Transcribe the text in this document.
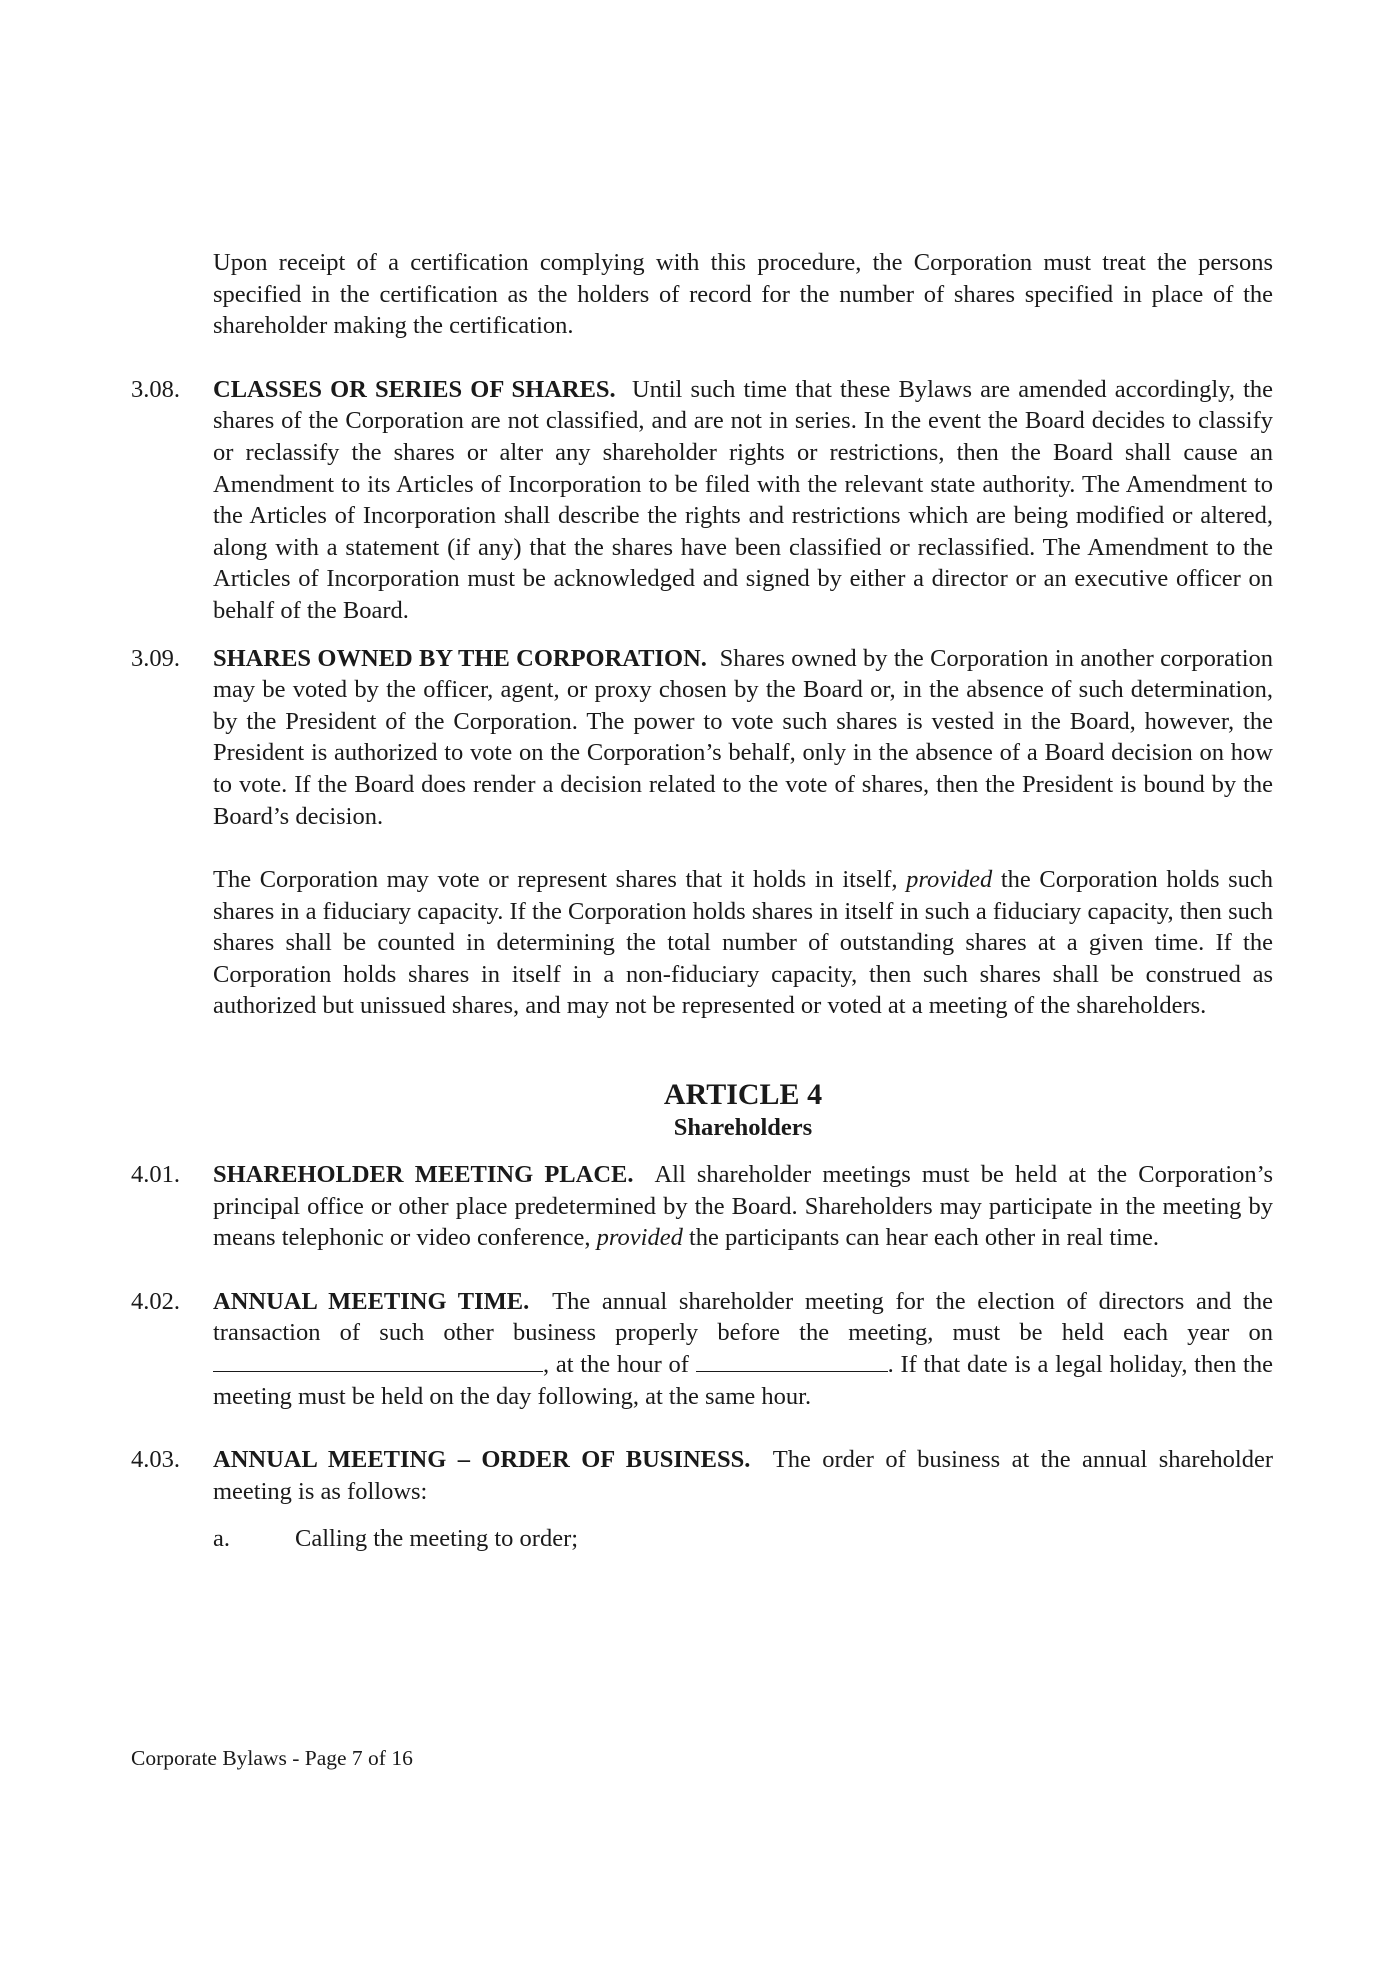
Upon receipt of a certification complying with this procedure, the Corporation must treat the persons specified in the certification as the holders of record for the number of shares specified in place of the shareholder making the certification.

3.08.	CLASSES OR SERIES OF SHARES. Until such time that these Bylaws are amended accordingly, the shares of the Corporation are not classified, and are not in series. In the event the Board decides to classify or reclassify the shares or alter any shareholder rights or restrictions, then the Board shall cause an Amendment to its Articles of Incorporation to be filed with the relevant state authority. The Amendment to the Articles of Incorporation shall describe the rights and restrictions which are being modified or altered, along with a statement (if any) that the shares have been classified or reclassified. The Amendment to the Articles of Incorporation must be acknowledged and signed by either a director or an executive officer on behalf of the Board.
3.09.	SHARES OWNED BY THE CORPORATION. Shares owned by the Corporation in another corporation may be voted by the officer, agent, or proxy chosen by the Board or, in the absence of such determination, by the President of the Corporation. The power to vote such shares is vested in the Board, however, the President is authorized to vote on the Corporation’s behalf, only in the absence of a Board decision on how to vote. If the Board does render a decision related to the vote of shares, then the President is bound by the Board’s decision.

The Corporation may vote or represent shares that it holds in itself, provided the Corporation holds such shares in a fiduciary capacity. If the Corporation holds shares in itself in such a fiduciary capacity, then such shares shall be counted in determining the total number of outstanding shares at a given time. If the Corporation holds shares in itself in a non-fiduciary capacity, then such shares shall be construed as authorized but unissued shares, and may not be represented or voted at a meeting of the shareholders.

ARTICLE 4
Shareholders
4.01.	SHAREHOLDER MEETING PLACE. All shareholder meetings must be held at the Corporation’s principal office or other place predetermined by the Board. Shareholders may participate in the meeting by means telephonic or video conference, provided the participants can hear each other in real time.
4.02.	ANNUAL MEETING TIME. The annual shareholder meeting for the election of directors and the transaction of such other business properly before the meeting, must be held each year on , at the hour of	. If that date is a legal holiday, then the meeting must be held on the day following, at the same hour.
4.03.	ANNUAL MEETING – ORDER OF BUSINESS. The order of business at the annual shareholder meeting is as follows:
a.	Calling the meeting to order;
Corporate Bylaws - Page 7 of 16
